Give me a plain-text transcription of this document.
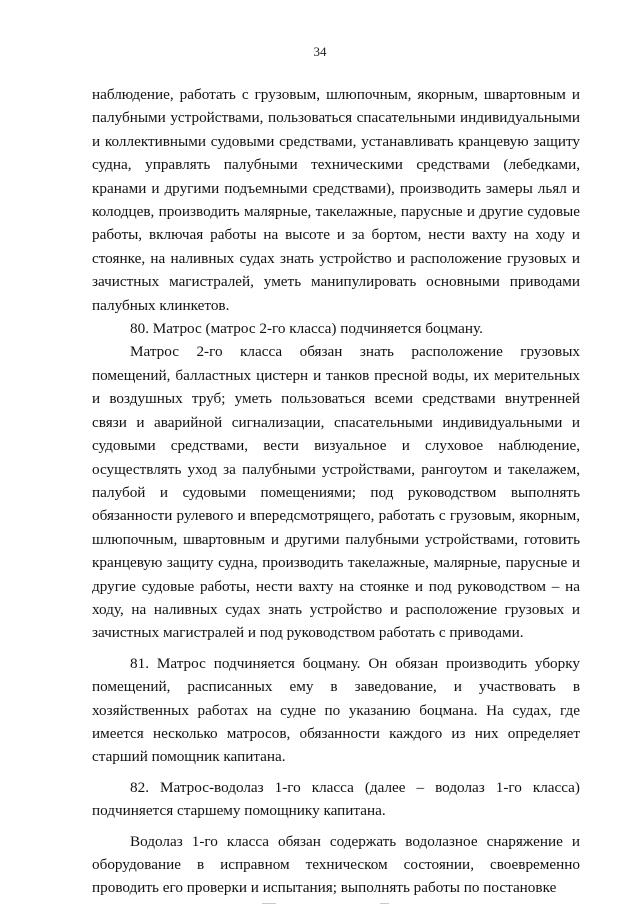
34

наблюдение, работать с грузовым, шлюпочным, якорным, швартовным и палубными устройствами, пользоваться спасательными индивидуальными и коллективными судовыми средствами, устанавливать кранцевую защиту судна, управлять палубными техническими средствами (лебедками, кранами и другими подъемными средствами), производить замеры льял и колодцев, производить малярные, такелажные, парусные и другие судовые работы, включая работы на высоте и за бортом, нести вахту на ходу и стоянке, на наливных судах знать устройство и расположение грузовых и зачистных магистралей, уметь манипулировать основными приводами палубных клинкетов.

80. Матрос (матрос 2-го класса) подчиняется боцману.

Матрос 2-го класса обязан знать расположение грузовых помещений, балластных цистерн и танков пресной воды, их мерительных и воздушных труб; уметь пользоваться всеми средствами внутренней связи и аварийной сигнализации, спасательными индивидуальными и судовыми средствами, вести визуальное и слуховое наблюдение, осуществлять уход за палубными устройствами, рангоутом и такелажем, палубой и судовыми помещениями; под руководством выполнять обязанности рулевого и впередсмотрящего, работать с грузовым, якорным, шлюпочным, швартовным и другими палубными устройствами, готовить кранцевую защиту судна, производить такелажные, малярные, парусные и другие судовые работы, нести вахту на стоянке и под руководством – на ходу, на наливных судах знать устройство и расположение грузовых и зачистных магистралей и под руководством работать с приводами.

81. Матрос подчиняется боцману. Он обязан производить уборку помещений, расписанных ему в заведование, и участвовать в хозяйственных работах на судне по указанию боцмана. На судах, где имеется несколько матросов, обязанности каждого из них определяет старший помощник капитана.

82. Матрос-водолаз 1-го класса (далее – водолаз 1-го класса) подчиняется старшему помощнику капитана.

Водолаз 1-го класса обязан содержать водолазное снаряжение и оборудование в исправном техническом состоянии, своевременно проводить его проверки и испытания; выполнять работы по постановке
